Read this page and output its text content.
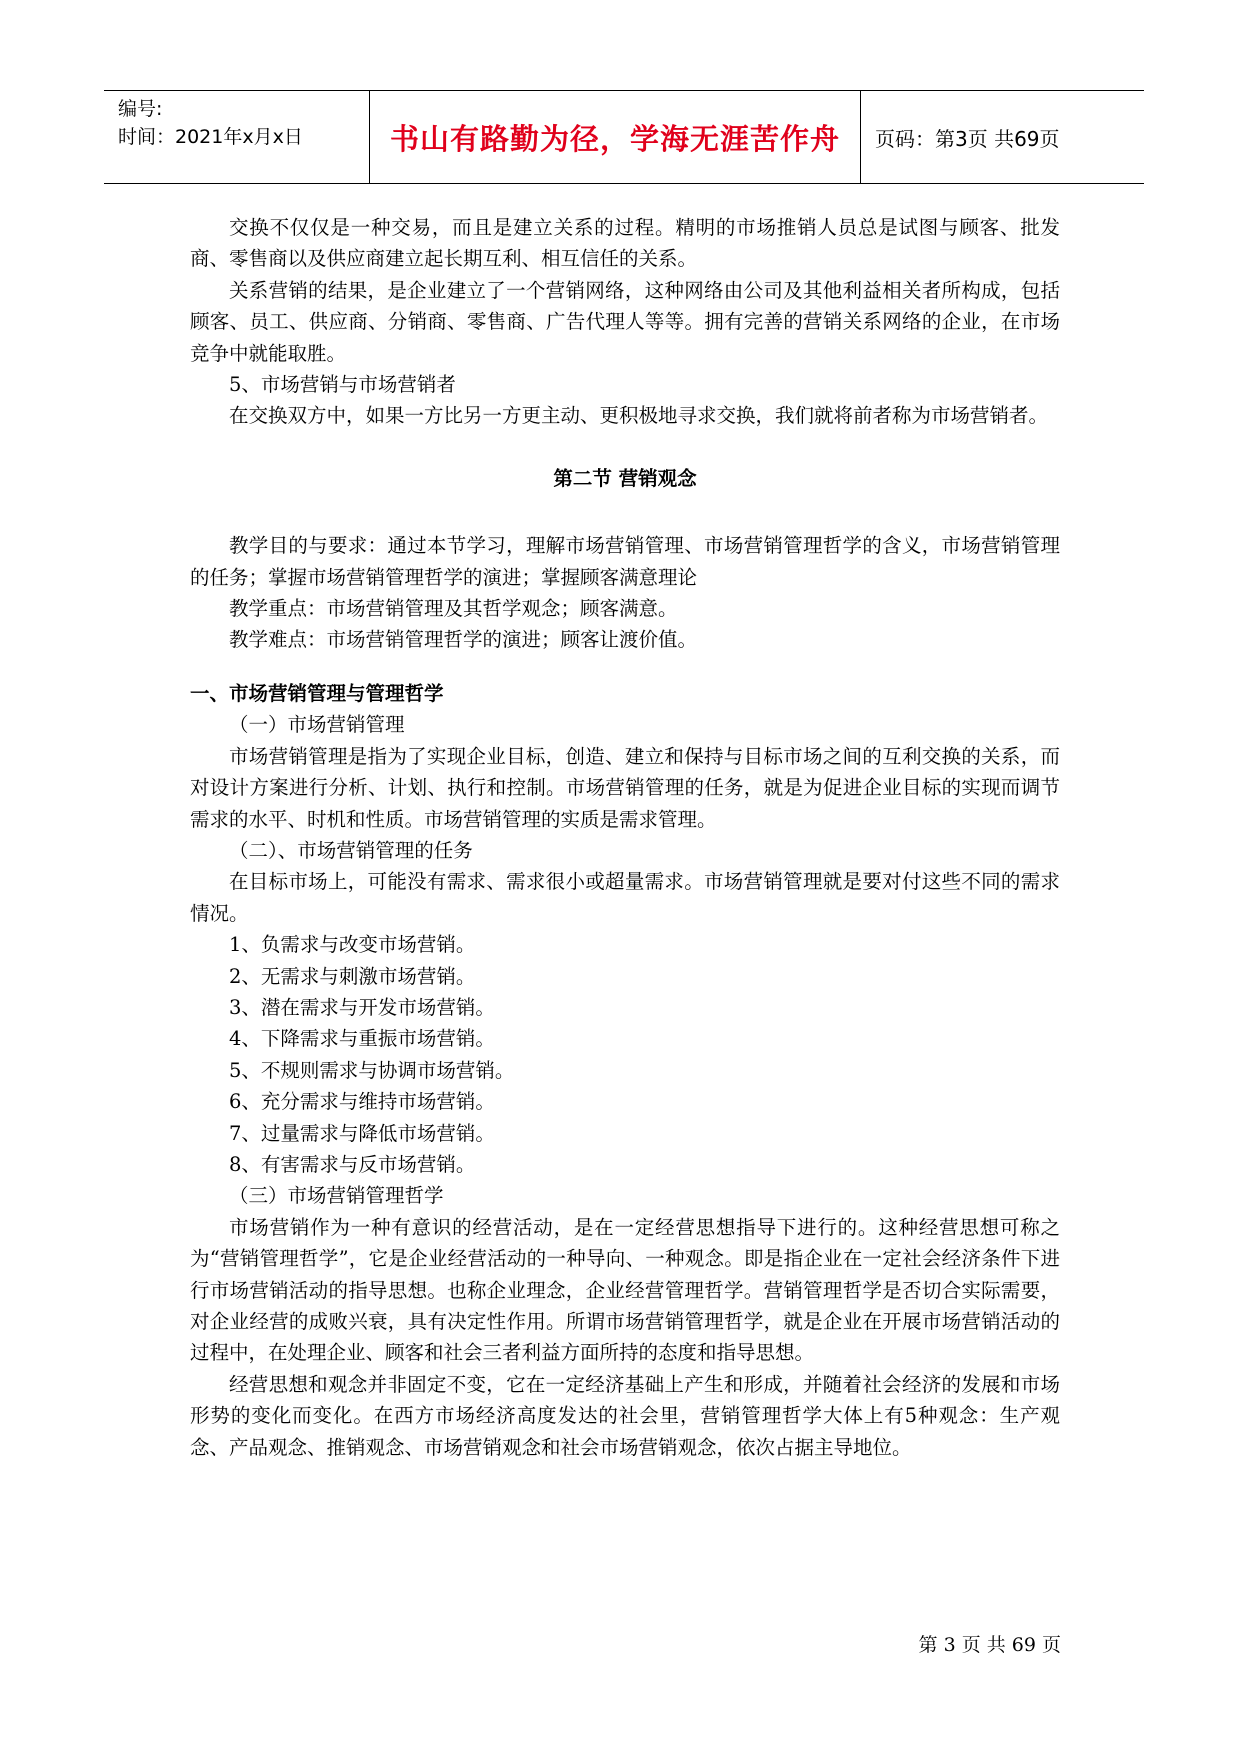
编号:
时间：2021年x月x日	书山有路勤为径，学海无涯苦作舟	页码：第3页 共69页

交换不仅仅是一种交易，而且是建立关系的过程。精明的市场推销人员总是试图与顾客、批发商、零售商以及供应商建立起长期互利、相互信任的关系。

关系营销的结果，是企业建立了一个营销网络，这种网络由公司及其他利益相关者所构成，包括顾客、员工、供应商、分销商、零售商、广告代理人等等。拥有完善的营销关系网络的企业，在市场竞争中就能取胜。

5、市场营销与市场营销者

在交换双方中，如果一方比另一方更主动、更积极地寻求交换，我们就将前者称为市场营销者。

第二节 营销观念

教学目的与要求：通过本节学习，理解市场营销管理、市场营销管理哲学的含义，市场营销管理的任务；掌握市场营销管理哲学的演进；掌握顾客满意理论

教学重点：市场营销管理及其哲学观念；顾客满意。

教学难点：市场营销管理哲学的演进；顾客让渡价值。

一、市场营销管理与管理哲学

（一）市场营销管理

市场营销管理是指为了实现企业目标，创造、建立和保持与目标市场之间的互利交换的关系，而对设计方案进行分析、计划、执行和控制。市场营销管理的任务，就是为促进企业目标的实现而调节需求的水平、时机和性质。市场营销管理的实质是需求管理。

（二）、市场营销管理的任务

在目标市场上，可能没有需求、需求很小或超量需求。市场营销管理就是要对付这些不同的需求情况。

1、负需求与改变市场营销。

2、无需求与刺激市场营销。

3、潜在需求与开发市场营销。

4、下降需求与重振市场营销。

5、不规则需求与协调市场营销。

6、充分需求与维持市场营销。

7、过量需求与降低市场营销。

8、有害需求与反市场营销。

（三）市场营销管理哲学

市场营销作为一种有意识的经营活动，是在一定经营思想指导下进行的。这种经营思想可称之为“营销管理哲学”，它是企业经营活动的一种导向、一种观念。即是指企业在一定社会经济条件下进行市场营销活动的指导思想。也称企业理念，企业经营管理哲学。营销管理哲学是否切合实际需要，对企业经营的成败兴衰，具有决定性作用。所谓市场营销管理哲学，就是企业在开展市场营销活动的过程中，在处理企业、顾客和社会三者利益方面所持的态度和指导思想。

经营思想和观念并非固定不变，它在一定经济基础上产生和形成，并随着社会经济的发展和市场形势的变化而变化。在西方市场经济高度发达的社会里，营销管理哲学大体上有5种观念：生产观念、产品观念、推销观念、市场营销观念和社会市场营销观念，依次占据主导地位。

第 3 页 共 69 页
